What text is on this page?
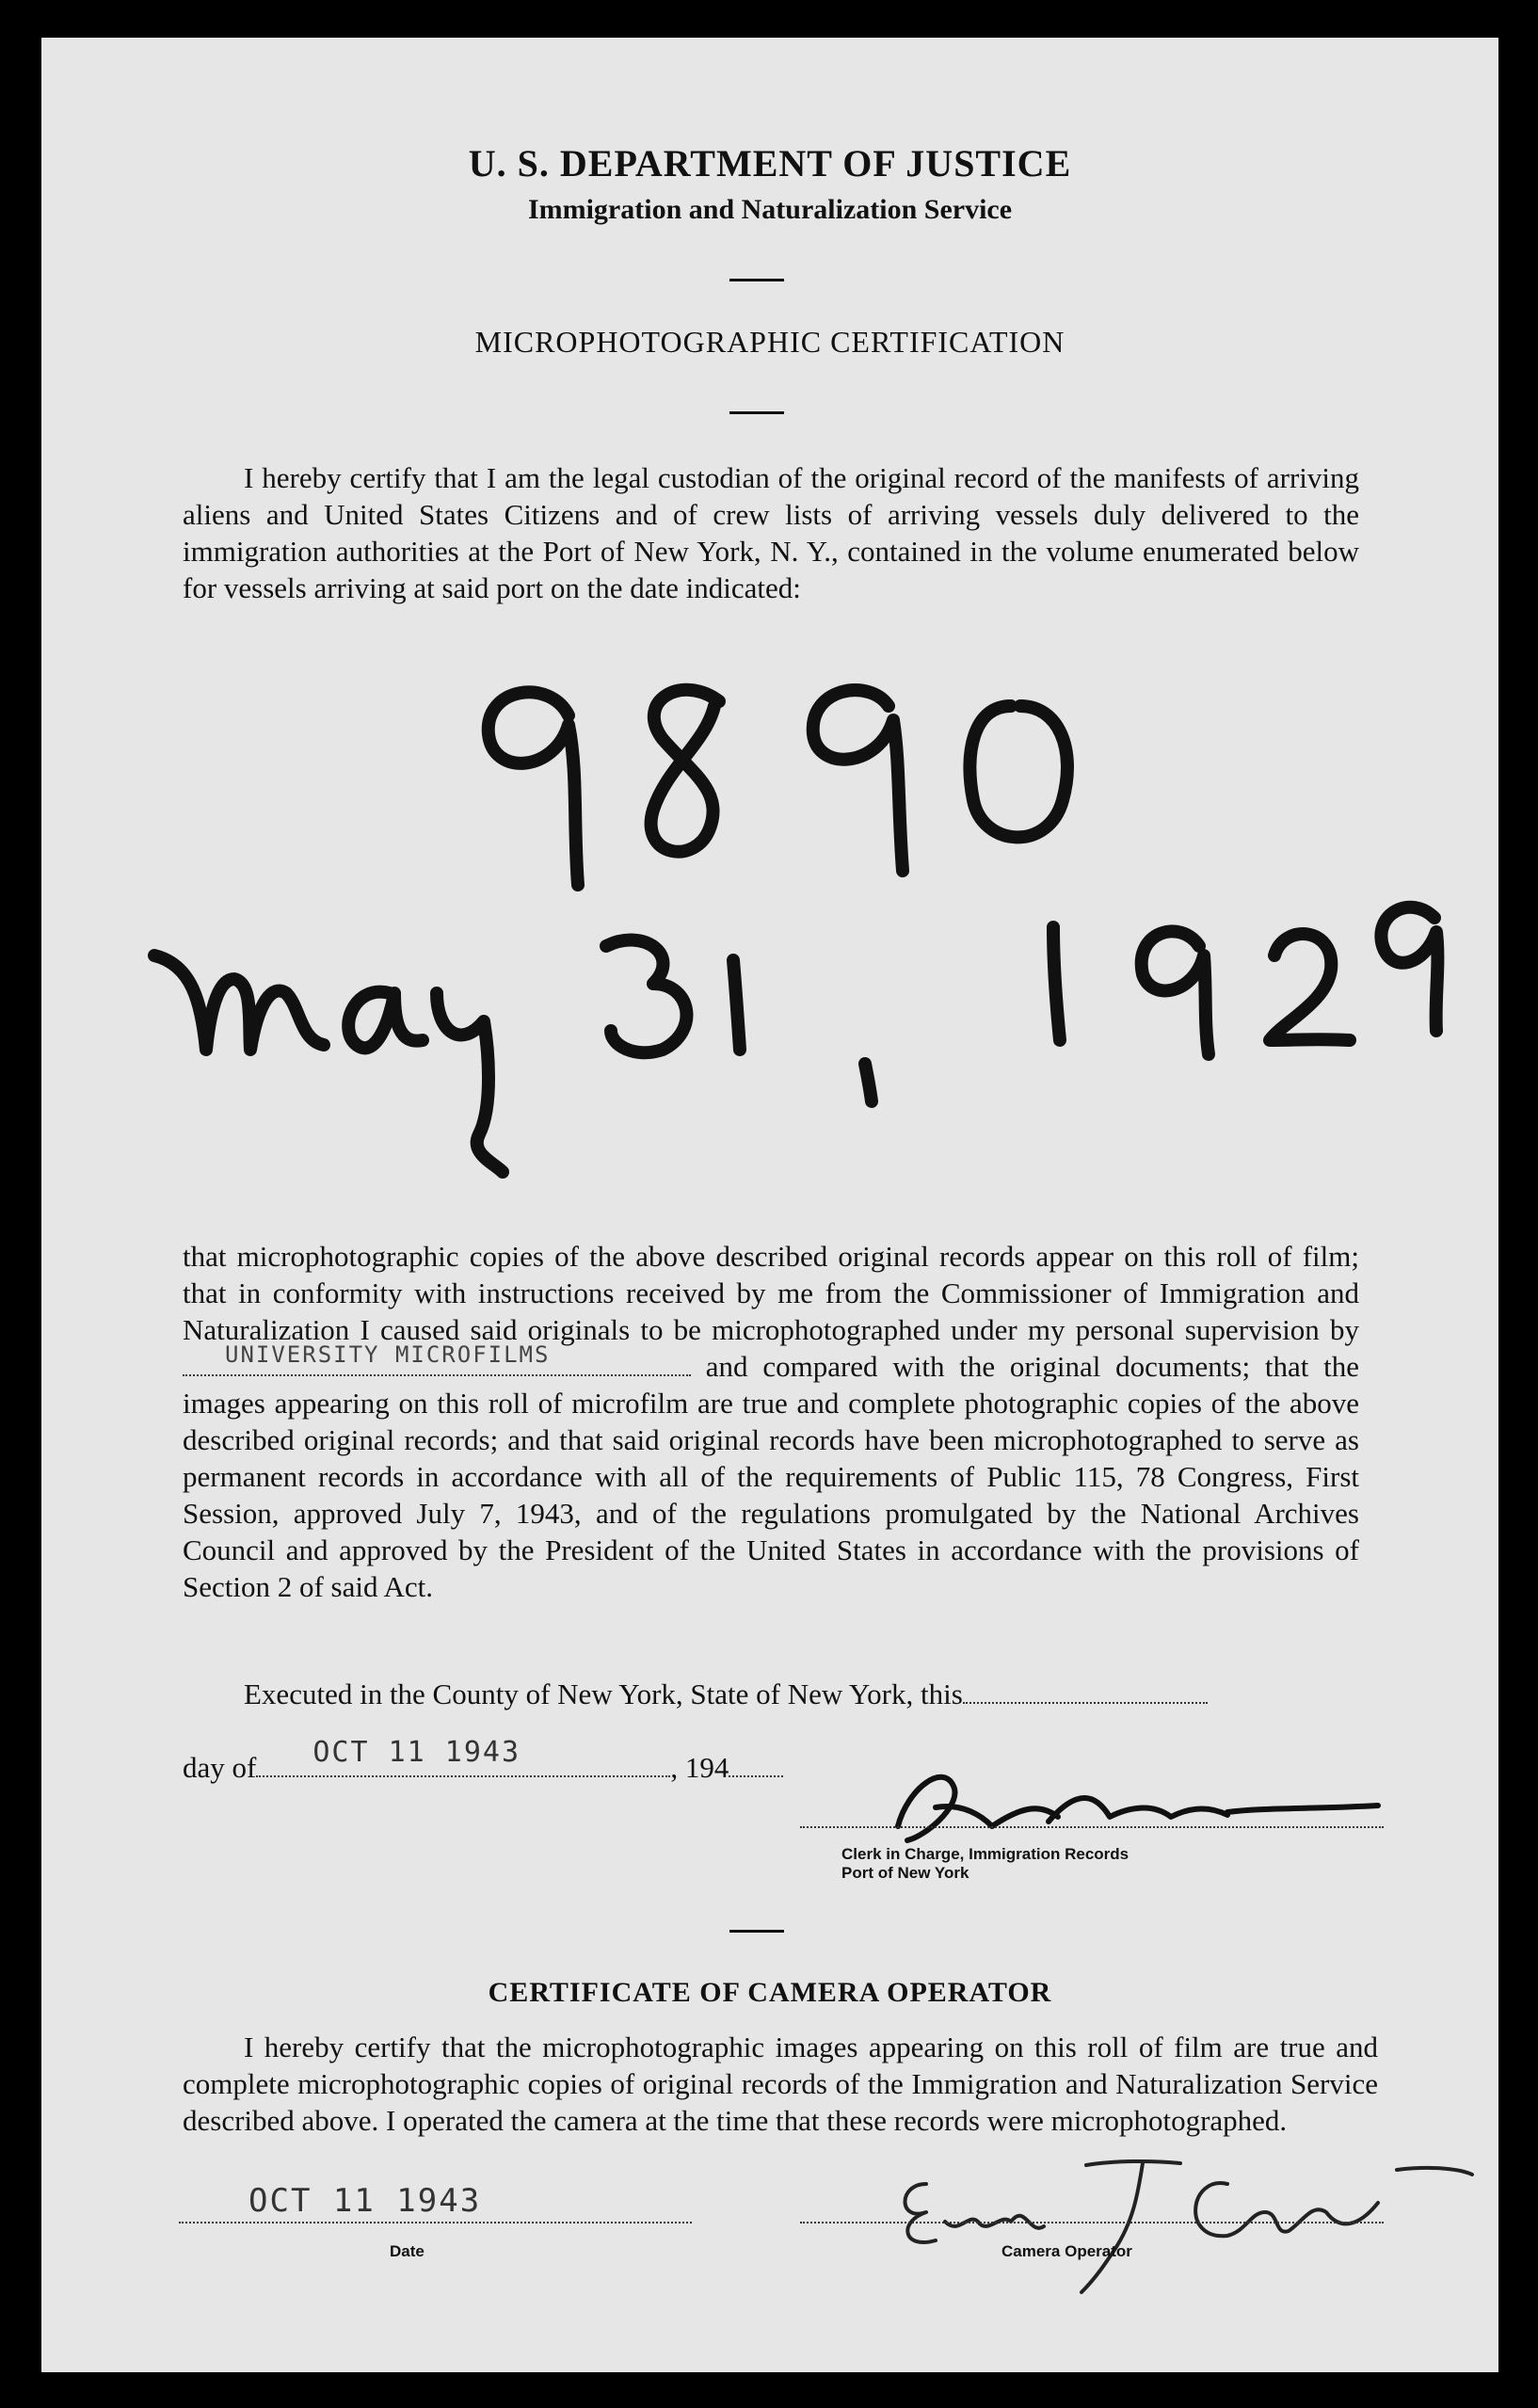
U. S. DEPARTMENT OF JUSTICE
Immigration and Naturalization Service
MICROPHOTOGRAPHIC CERTIFICATION
I hereby certify that I am the legal custodian of the original record of the manifests of arriving aliens and United States Citizens and of crew lists of arriving vessels duly delivered to the immigration authorities at the Port of New York, N. Y., contained in the volume enumerated below for vessels arriving at said port on the date indicated:
that microphotographic copies of the above described original records appear on this roll of film; that in conformity with instructions received by me from the Commissioner of Immigration and Naturalization I caused said originals to be microphotographed under my personal supervision by
UNIVERSITY MICROFILMS	and compared with the original documents; that the images appearing on this roll of microfilm are true and complete photographic copies of the above described original records; and that said original records have been microphotographed to serve as permanent records in accordance with all of the requirements of Public 115, 78 Congress, First Session, approved July 7, 1943, and of the regulations promulgated by the National Archives Council and approved by the President of the United States in accordance with the provisions of Section 2 of said Act.
Executed in the County of New York, State of New York, this
day of OCT 11 1943	, 194
Clerk in Charge, Immigration Records
Port of New York
CERTIFICATE OF CAMERA OPERATOR
I hereby certify that the microphotographic images appearing on this roll of film are true and complete microphotographic copies of original records of the Immigration and Naturalization Service described above. I operated the camera at the time that these records were microphotographed.
OCT 11 1943
Date	Camera Operator
